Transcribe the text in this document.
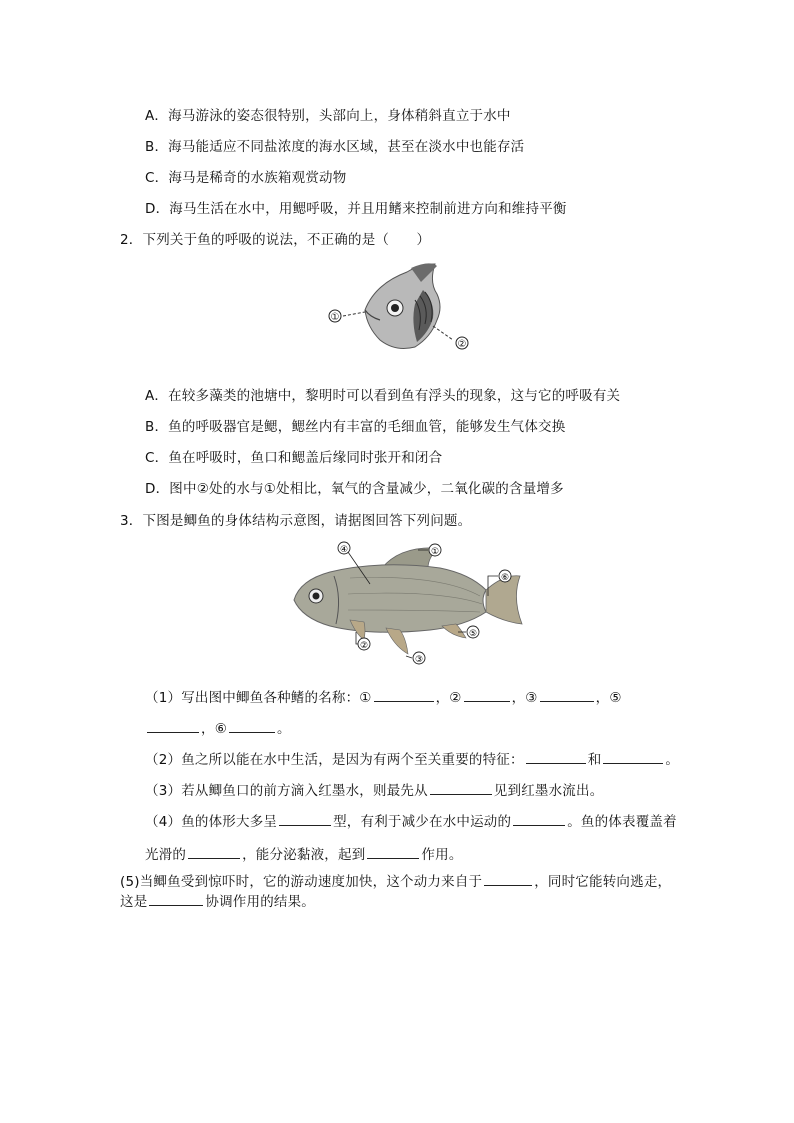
A．海马游泳的姿态很特别，头部向上，身体稍斜直立于水中
B．海马能适应不同盐浓度的海水区域，甚至在淡水中也能存活
C．海马是稀奇的水族箱观赏动物
D．海马生活在水中，用鳃呼吸，并且用鳍来控制前进方向和维持平衡
2．下列关于鱼的呼吸的说法，不正确的是（　　）
①
②
A．在较多藻类的池塘中，黎明时可以看到鱼有浮头的现象，这与它的呼吸有关
B．鱼的呼吸器官是鳃，鳃丝内有丰富的毛细血管，能够发生气体交换
C．鱼在呼吸时，鱼口和鳃盖后缘同时张开和闭合
D．图中②处的水与①处相比，氧气的含量减少，二氧化碳的含量增多
3．下图是鲫鱼的身体结构示意图，请据图回答下列问题。
④	①
⑥
②
③
⑤
（1）写出图中鲫鱼各种鳍的名称：①	，②	，③	，⑤
，⑥	。
（2）鱼之所以能在水中生活，是因为有两个至关重要的特征：	和	。
（3）若从鲫鱼口的前方滴入红墨水，则最先从	见到红墨水流出。
（4）鱼的体形大多呈	型，有利于减少在水中运动的	。鱼的体表覆盖着
光滑的	，能分泌黏液，起到	作用。
(5)当鲫鱼受到惊吓时，它的游动速度加快，这个动力来自于	，同时它能转向逃走，
这是	协调作用的结果。
